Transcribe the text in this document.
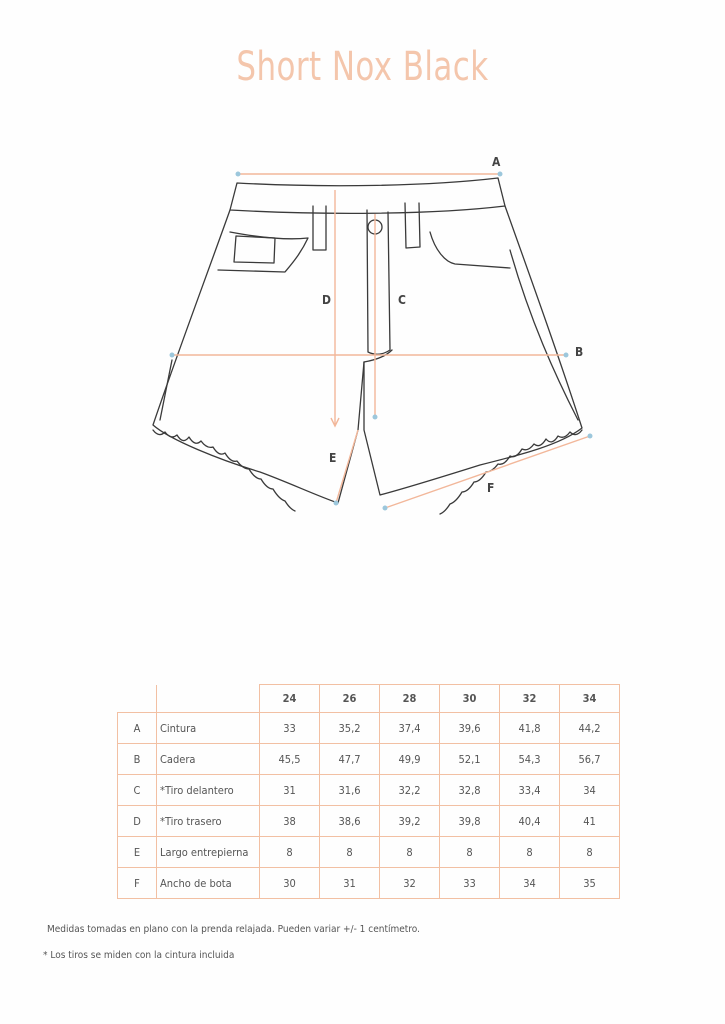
Short Nox Black
A
B
C
D
E
F
		24	26	28	30	32	34
A	Cintura	33	35,2	37,4	39,6	41,8	44,2
B	Cadera	45,5	47,7	49,9	52,1	54,3	56,7
C	*Tiro delantero	31	31,6	32,2	32,8	33,4	34
D	*Tiro trasero	38	38,6	39,2	39,8	40,4	41
E	Largo entrepierna	8	8	8	8	8	8
F	Ancho de bota	30	31	32	33	34	35
Medidas tomadas en plano con la prenda relajada. Pueden variar +/- 1 centímetro.
* Los tiros se miden con la cintura incluida
